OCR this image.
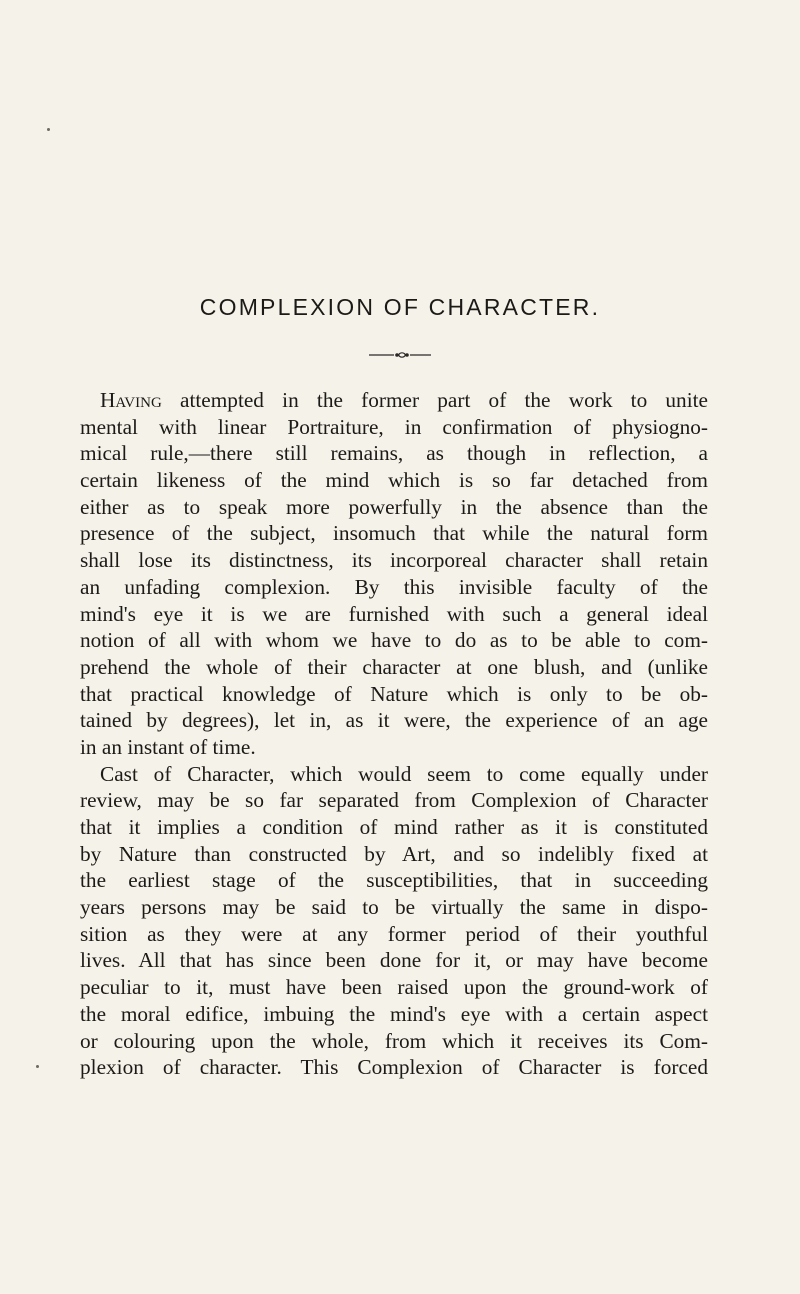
COMPLEXION OF CHARACTER.
Having attempted in the former part of the work to unite
mental with linear Portraiture, in confirmation of physiogno-
mical rule,—there still remains, as though in reflection, a
certain likeness of the mind which is so far detached from
either as to speak more powerfully in the absence than the
presence of the subject, insomuch that while the natural form
shall lose its distinctness, its incorporeal character shall retain
an unfading complexion. By this invisible faculty of the
mind's eye it is we are furnished with such a general ideal
notion of all with whom we have to do as to be able to com-
prehend the whole of their character at one blush, and (unlike
that practical knowledge of Nature which is only to be ob-
tained by degrees), let in, as it were, the experience of an age
in an instant of time.
Cast of Character, which would seem to come equally under
review, may be so far separated from Complexion of Character
that it implies a condition of mind rather as it is constituted
by Nature than constructed by Art, and so indelibly fixed at
the earliest stage of the susceptibilities, that in succeeding
years persons may be said to be virtually the same in dispo-
sition as they were at any former period of their youthful
lives. All that has since been done for it, or may have become
peculiar to it, must have been raised upon the ground-work of
the moral edifice, imbuing the mind's eye with a certain aspect
or colouring upon the whole, from which it receives its Com-
plexion of character. This Complexion of Character is forced
